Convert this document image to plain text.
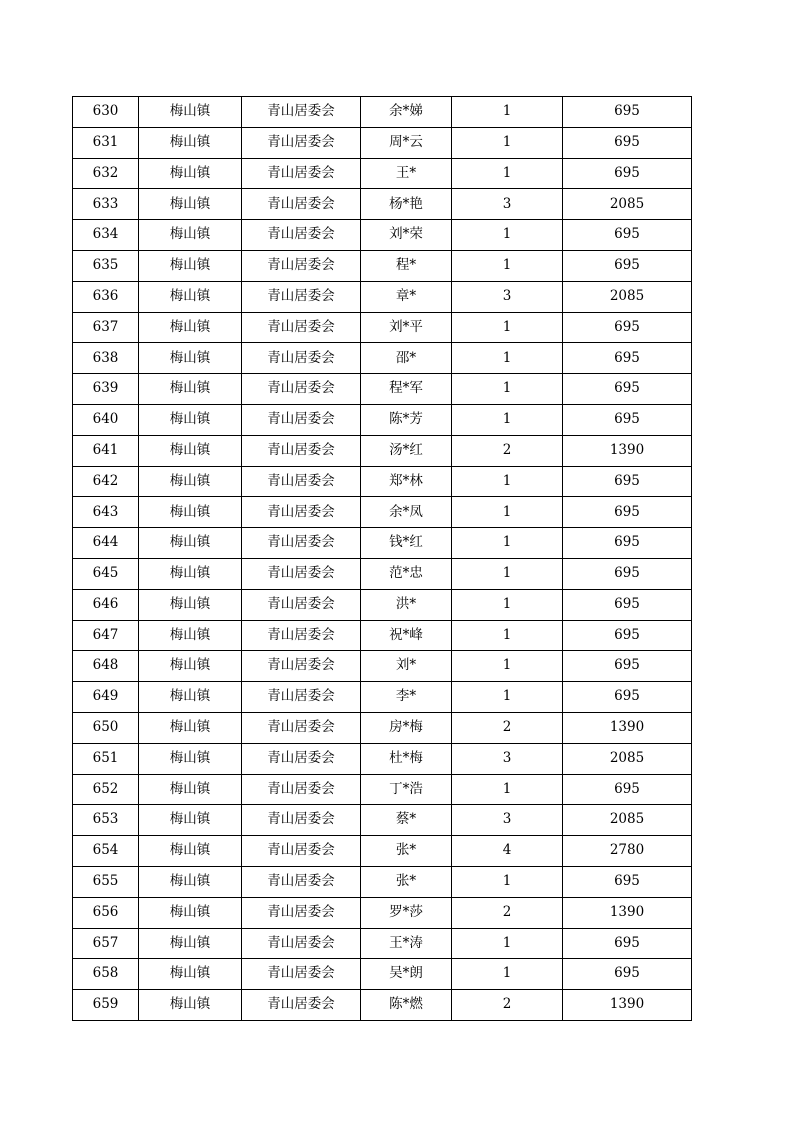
630	梅山镇	青山居委会	余*娣	1	695
631	梅山镇	青山居委会	周*云	1	695
632	梅山镇	青山居委会	王*	1	695
633	梅山镇	青山居委会	杨*艳	3	2085
634	梅山镇	青山居委会	刘*荣	1	695
635	梅山镇	青山居委会	程*	1	695
636	梅山镇	青山居委会	章*	3	2085
637	梅山镇	青山居委会	刘*平	1	695
638	梅山镇	青山居委会	邵*	1	695
639	梅山镇	青山居委会	程*军	1	695
640	梅山镇	青山居委会	陈*芳	1	695
641	梅山镇	青山居委会	汤*红	2	1390
642	梅山镇	青山居委会	郑*林	1	695
643	梅山镇	青山居委会	余*凤	1	695
644	梅山镇	青山居委会	钱*红	1	695
645	梅山镇	青山居委会	范*忠	1	695
646	梅山镇	青山居委会	洪*	1	695
647	梅山镇	青山居委会	祝*峰	1	695
648	梅山镇	青山居委会	刘*	1	695
649	梅山镇	青山居委会	李*	1	695
650	梅山镇	青山居委会	房*梅	2	1390
651	梅山镇	青山居委会	杜*梅	3	2085
652	梅山镇	青山居委会	丁*浩	1	695
653	梅山镇	青山居委会	蔡*	3	2085
654	梅山镇	青山居委会	张*	4	2780
655	梅山镇	青山居委会	张*	1	695
656	梅山镇	青山居委会	罗*莎	2	1390
657	梅山镇	青山居委会	王*涛	1	695
658	梅山镇	青山居委会	吴*朗	1	695
659	梅山镇	青山居委会	陈*燃	2	1390
